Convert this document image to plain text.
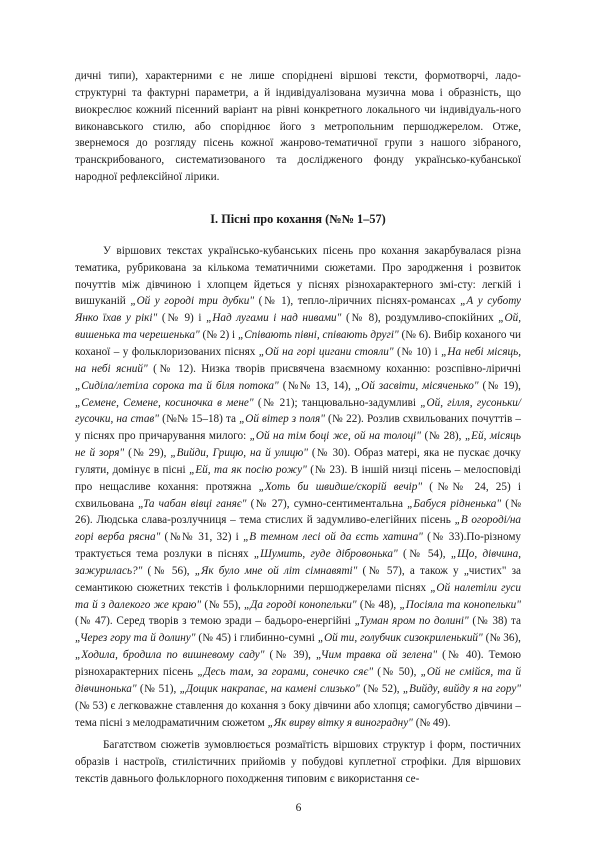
дичні типи), характерними є не лише споріднені віршові тексти, формотворчі, ладо-структурні та фактурні параметри, а й індивідуалізована музична мова і образність, що виокреслює кожний пісенний варіант на рівні конкретного локального чи індивідуаль-ного виконавського стилю, або споріднює його з метропольним першоджерелом. Отже, звернемося до розгляду пісень кожної жанрово-тематичної групи з нашого зібраного, транскрибованого, систематизованого та дослідженого фонду українсько-кубанської народної рефлексійної лірики.

І. Пісні про кохання (№№ 1–57)

У віршових текстах українсько-кубанських пісень про кохання закарбувалася різна тематика, рубрикована за кількома тематичними сюжетами. Про зародження і розвиток почуттів між дівчиною і хлопцем йдеться у піснях різнохарактерного змі-сту: легкій і вишуканій „Ой у городі три дубки" (№ 1), тепло-ліричних піснях-романсах „А у суботу Янко їхав у рікі" (№ 9) і „Над лугами і над нивами" (№ 8), роздумливо-спокійних „Ой, вишенька та черешенька" (№ 2) і „Співають півні, співають другі" (№ 6). Вибір коханого чи коханої – у фольклоризованих піснях „Ой на горі цигани стояли" (№ 10) і „На небі місяць, на небі ясний" (№ 12). Низка творів присвячена взаємному коханню: розспівно-ліричні „Сиділа/летіла сорока та й біля потока" (№№ 13, 14), „Ой засвіти, місяченько" (№ 19), „Семене, Семене, косиночка в мене" (№ 21); танцювально-задумливі „Ой, гілля, гусоньки/гусочки, на став" (№№ 15–18) та „Ой вітер з поля" (№ 22). Розлив схвильованих почуттів – у піснях про причарування милого: „Ой на тім боці же, ой на толоці" (№ 28), „Ей, місяць не й зоря" (№ 29), „Вийди, Грицю, на й улицю" (№ 30). Образ матері, яка не пускає дочку гуляти, домінує в пісні „Ей, та як посію рожу" (№ 23). В іншій низці пісень – мелосповіді про нещасливе кохання: протяжна „Хоть би швидше/скорій вечір" (№№ 24, 25) і схвильована „Та чабан вівці ганяє" (№ 27), сумно-сентиментальна „Бабуся рідненька" (№ 26). Людська слава-розлучниця – тема стислих й задумливо-елегійних пісень „В огороді/на горі верба рясна" (№№ 31, 32) і „В темном лесі ой да єсть хатина" (№ 33).По-різному трактується тема розлуки в піснях „Шумить, гуде дібровонька" (№ 54), „Що, дівчина, зажурилась?" (№ 56), „Як було мне ой літ сімнавяті" (№ 57), а також у „чистих" за семантикою сюжетних текстів і фольклорними першоджерелами піснях „Ой налетіли гуси та й з далекого же краю" (№ 55), „Да городі конопельки" (№ 48), „Посіяла та конопельки" (№ 47). Серед творів з темою зради – бадьоро-енергійні „Туман яром по долині" (№ 38) та „Через гору та й долину" (№ 45) і глибинно-сумні „Ой ти, голубчик сизокриленький" (№ 36), „Ходила, бродила по вишневому саду" (№ 39), „Чим травка ой зелена" (№ 40). Темою різнохарактерних пісень „Десь там, за горами, сонечко сяє" (№ 50), „Ой не смійся, та й дівчинонька" (№ 51), „Дощик накрапає, на камені слизько" (№ 52), „Вийду, вийду я на гору" (№ 53) є легковажне ставлення до кохання з боку дівчини або хлопця; самогубство дівчини – тема пісні з мелодраматичним сюжетом „Як вирву вітку я виноградну" (№ 49).

Багатством сюжетів зумовлюється розмаїтість віршових структур і форм, постичних образів і настроїв, стилістичних прийомів у побудові куплетної строфіки. Для віршових текстів давнього фольклорного походження типовим є використання се-

6
